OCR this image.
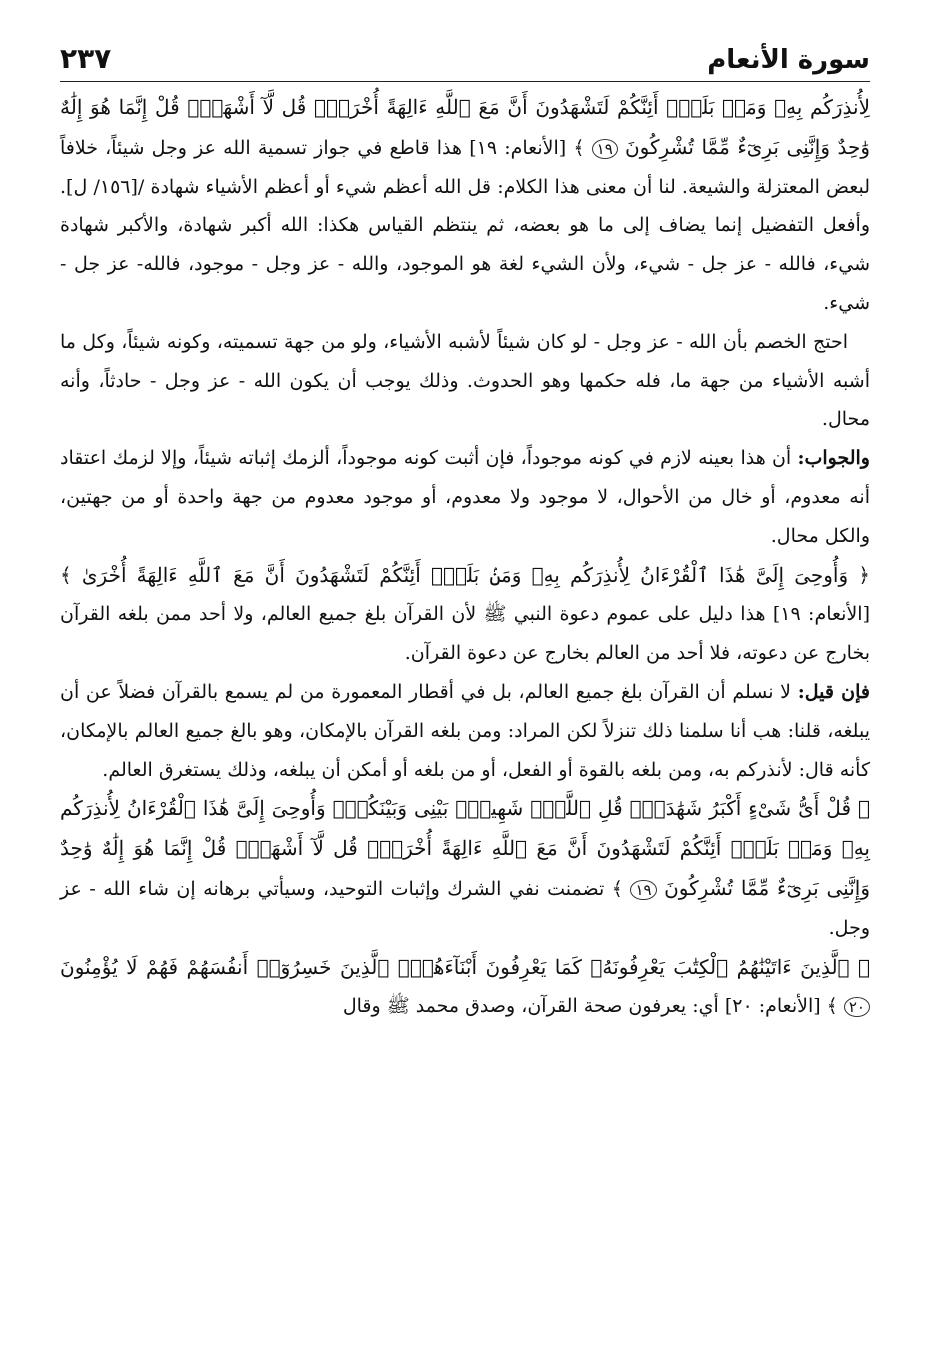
سورة الأنعام
٢٣٧

لِأُنذِرَكُم بِهِۦ وَمَنۢ بَلَغَۚ أَئِنَّكُمْ لَتَشْهَدُونَ أَنَّ مَعَ ٱللَّهِ ءَالِهَةً أُخْرَىٰۚ قُل لَّآ أَشْهَدُۚ قُلْ إِنَّمَا هُوَ إِلَٰهٌ وَٰحِدٌ وَإِنَّنِى بَرِىٓءٌ مِّمَّا تُشْرِكُونَ ١٩ ﴾ [الأنعام: ١٩] هذا قاطع في جواز تسمية الله عز وجل شيئاً، خلافاً لبعض المعتزلة والشيعة. لنا أن معنى هذا الكلام: قل الله أعظم شيء أو أعظم الأشياء شهادة /[١٥٦/ ل]. وأفعل التفضيل إنما يضاف إلى ما هو بعضه، ثم ينتظم القياس هكذا: الله أكبر شهادة، والأكبر شهادة شيء، فالله - عز جل - شيء، ولأن الشيء لغة هو الموجود، والله - عز وجل - موجود، فالله- عز جل - شيء.

احتج الخصم بأن الله - عز وجل - لو كان شيئاً لأشبه الأشياء، ولو من جهة تسميته، وكونه شيئاً، وكل ما أشبه الأشياء من جهة ما، فله حكمها وهو الحدوث. وذلك يوجب أن يكون الله - عز وجل - حادثاً، وأنه محال.

والجواب: أن هذا بعينه لازم في كونه موجوداً، فإن أثبت كونه موجوداً، ألزمك إثباته شيئاً، وإلا لزمك اعتقاد أنه معدوم، أو خال من الأحوال، لا موجود ولا معدوم، أو موجود معدوم من جهة واحدة أو من جهتين، والكل محال.

﴿ وَأُوحِىَ إِلَىَّ هَٰذَا ٱلْقُرْءَانُ لِأُنذِرَكُم بِهِۦ وَمَنۢ بَلَغَۚ أَئِنَّكُمْ لَتَشْهَدُونَ أَنَّ مَعَ ٱللَّهِ ءَالِهَةً أُخْرَىٰ ﴾ [الأنعام: ١٩] هذا دليل على عموم دعوة النبي ﷺ لأن القرآن بلغ جميع العالم، ولا أحد ممن بلغه القرآن بخارج عن دعوته، فلا أحد من العالم بخارج عن دعوة القرآن.

فإن قيل: لا نسلم أن القرآن بلغ جميع العالم، بل في أقطار المعمورة من لم يسمع بالقرآن فضلاً عن أن يبلغه، قلنا: هب أنا سلمنا ذلك تنزلاً لكن المراد: ومن بلغه القرآن بالإمكان، وهو بالغ جميع العالم بالإمكان، كأنه قال: لأنذركم به، ومن بلغه بالقوة أو الفعل، أو من بلغه أو أمكن أن يبلغه، وذلك يستغرق العالم.

﴿ قُلْ أَىُّ شَىْءٍ أَكْبَرُ شَهَٰدَةًۖ قُلِ ٱللَّهُۖ شَهِيدٌۢ بَيْنِى وَبَيْنَكُمْۚ وَأُوحِىَ إِلَىَّ هَٰذَا ٱلْقُرْءَانُ لِأُنذِرَكُم بِهِۦ وَمَنۢ بَلَغَۚ أَئِنَّكُمْ لَتَشْهَدُونَ أَنَّ مَعَ ٱللَّهِ ءَالِهَةً أُخْرَىٰۚ قُل لَّآ أَشْهَدُۚ قُلْ إِنَّمَا هُوَ إِلَٰهٌ وَٰحِدٌ وَإِنَّنِى بَرِىٓءٌ مِّمَّا تُشْرِكُونَ ١٩ ﴾ تضمنت نفي الشرك وإثبات التوحيد، وسيأتي برهانه إن شاء الله - عز وجل.

﴿ ٱلَّذِينَ ءَاتَيْنَٰهُمُ ٱلْكِتَٰبَ يَعْرِفُونَهُۥ كَمَا يَعْرِفُونَ أَبْنَآءَهُمُۘ ٱلَّذِينَ خَسِرُوٓا۟ أَنفُسَهُمْ فَهُمْ لَا يُؤْمِنُونَ ٢٠ ﴾ [الأنعام: ٢٠] أي: يعرفون صحة القرآن، وصدق محمد ﷺ وقال
